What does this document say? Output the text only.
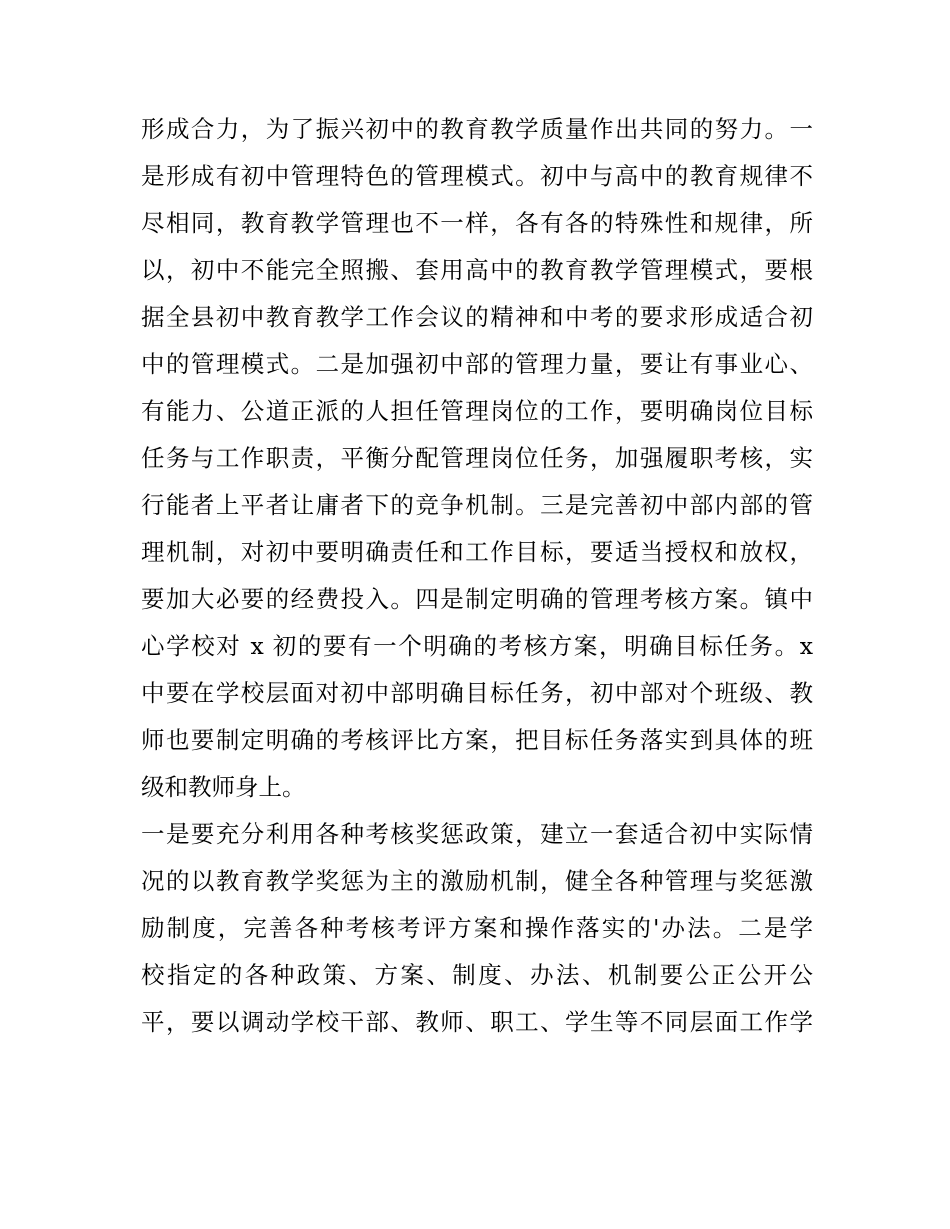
形成合力，为了振兴初中的教育教学质量作出共同的努力。一
是形成有初中管理特色的管理模式。初中与高中的教育规律不
尽相同，教育教学管理也不一样，各有各的特殊性和规律，所
以，初中不能完全照搬、套用高中的教育教学管理模式，要根
据全县初中教育教学工作会议的精神和中考的要求形成适合初
中的管理模式。二是加强初中部的管理力量，要让有事业心、
有能力、公道正派的人担任管理岗位的工作，要明确岗位目标
任务与工作职责，平衡分配管理岗位任务，加强履职考核，实
行能者上平者让庸者下的竞争机制。三是完善初中部内部的管
理机制，对初中要明确责任和工作目标，要适当授权和放权，
要加大必要的经费投入。四是制定明确的管理考核方案。镇中
心学校对 x 初的要有一个明确的考核方案，明确目标任务。x
中要在学校层面对初中部明确目标任务，初中部对个班级、教
师也要制定明确的考核评比方案，把目标任务落实到具体的班
级和教师身上。
一是要充分利用各种考核奖惩政策，建立一套适合初中实际情
况的以教育教学奖惩为主的激励机制，健全各种管理与奖惩激
励制度，完善各种考核考评方案和操作落实的'办法。二是学
校指定的各种政策、方案、制度、办法、机制要公正公开公
平，要以调动学校干部、教师、职工、学生等不同层面工作学
